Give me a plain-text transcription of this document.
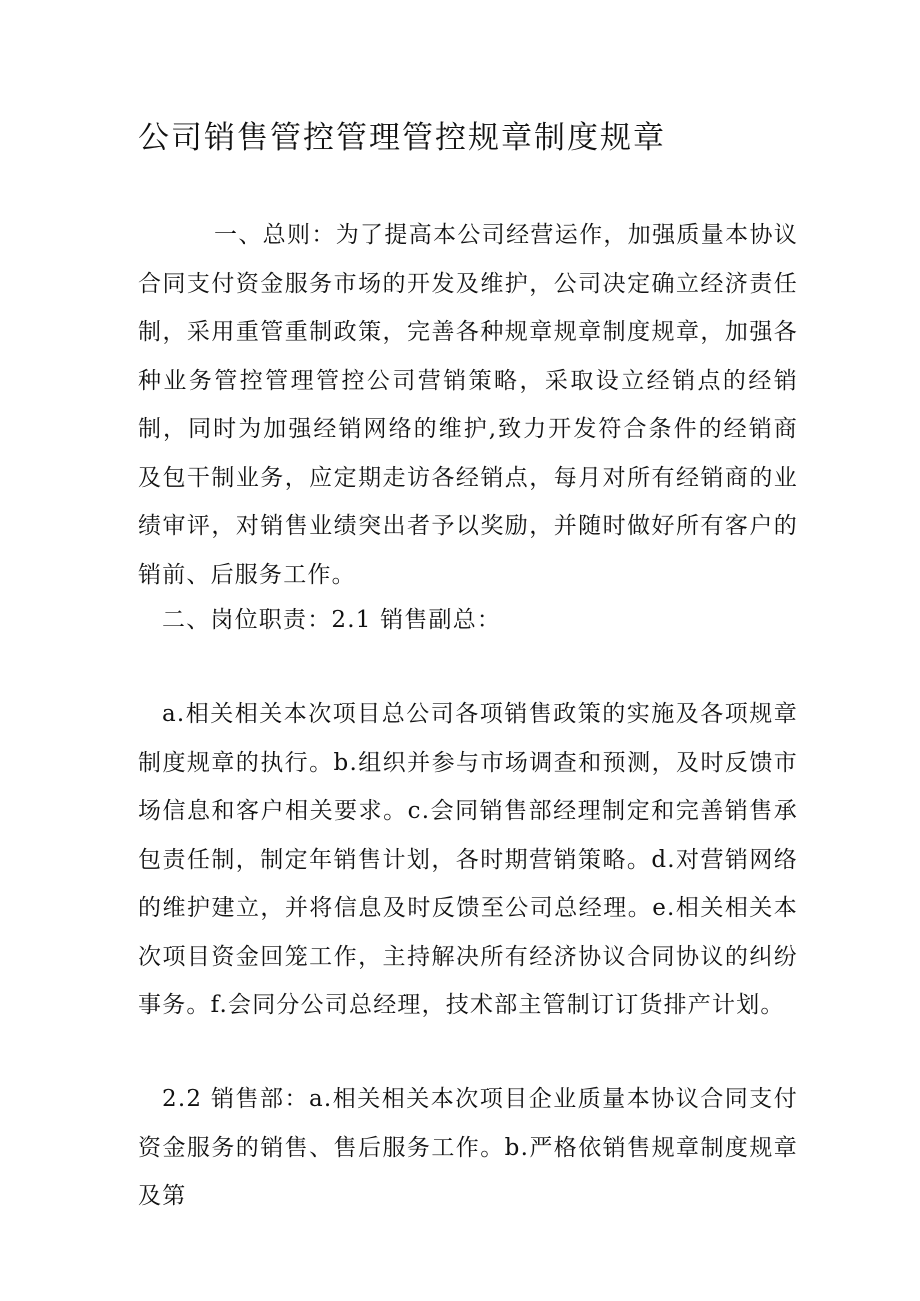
公司销售管控管理管控规章制度规章

一、总则：为了提高本公司经营运作，加强质量本协议合同支付资金服务市场的开发及维护，公司决定确立经济责任制，采用重管重制政策，完善各种规章规章制度规章，加强各种业务管控管理管控公司营销策略，采取设立经销点的经销制，同时为加强经销网络的维护,致力开发符合条件的经销商及包干制业务，应定期走访各经销点，每月对所有经销商的业绩审评，对销售业绩突出者予以奖励，并随时做好所有客户的销前、后服务工作。

二、岗位职责：2.1 销售副总：

a.相关相关本次项目总公司各项销售政策的实施及各项规章制度规章的执行。b.组织并参与市场调查和预测，及时反馈市场信息和客户相关要求。c.会同销售部经理制定和完善销售承包责任制，制定年销售计划，各时期营销策略。d.对营销网络的维护建立，并将信息及时反馈至公司总经理。e.相关相关本次项目资金回笼工作，主持解决所有经济协议合同协议的纠纷事务。f.会同分公司总经理，技术部主管制订订货排产计划。

2.2 销售部：a.相关相关本次项目企业质量本协议合同支付资金服务的销售、售后服务工作。b.严格依销售规章制度规章及第
